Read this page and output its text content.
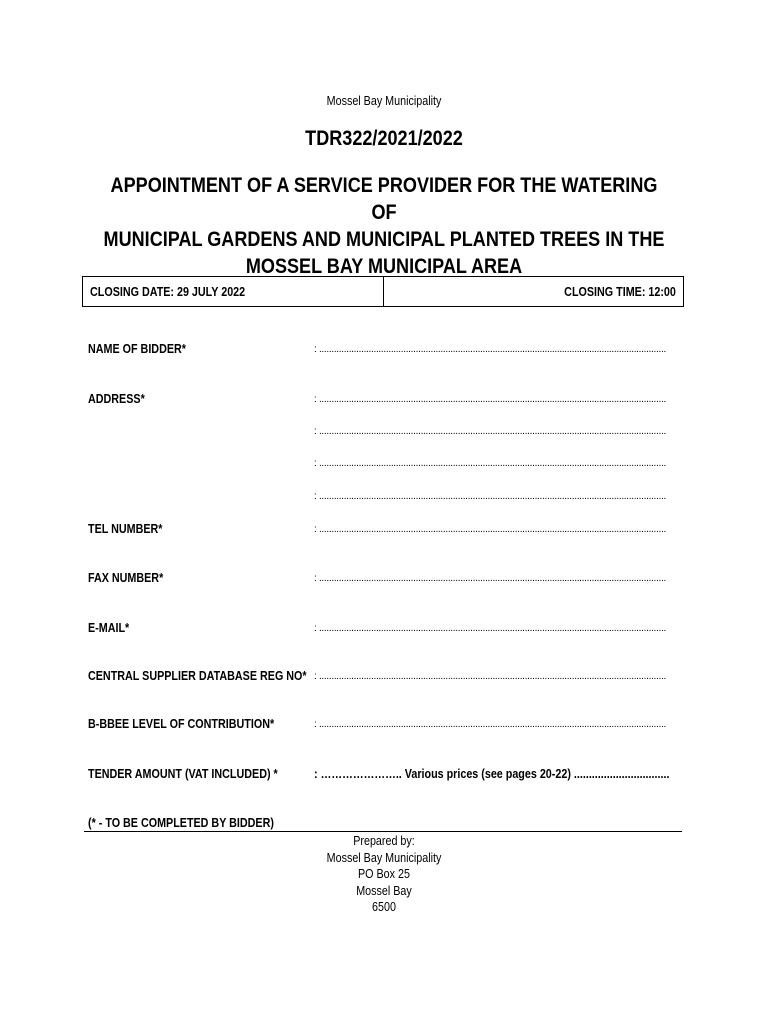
Mossel Bay Municipality
TDR322/2021/2022
APPOINTMENT OF A SERVICE PROVIDER FOR THE WATERING OF
MUNICIPAL GARDENS AND MUNICIPAL PLANTED TREES IN THE
MOSSEL BAY MUNICIPAL AREA
CLOSING DATE: 29 JULY 2022	CLOSING TIME: 12:00
NAME OF BIDDER*	: ............................................................................................................................................
ADDRESS*	: ............................................................................................................................................
: ............................................................................................................................................
: ............................................................................................................................................
: ............................................................................................................................................
TEL NUMBER*	: ............................................................................................................................................
FAX NUMBER*	: ............................................................................................................................................
E-MAIL*	: ............................................................................................................................................
CENTRAL SUPPLIER DATABASE REG NO* : ............................................................................................................................................
B-BBEE LEVEL OF CONTRIBUTION*	: ............................................................................................................................................
TENDER AMOUNT (VAT INCLUDED) *	: ………………….. Various prices (see pages 20-22) ................................
(* - TO BE COMPLETED BY BIDDER)
Prepared by:
Mossel Bay Municipality
PO Box 25
Mossel Bay
6500
